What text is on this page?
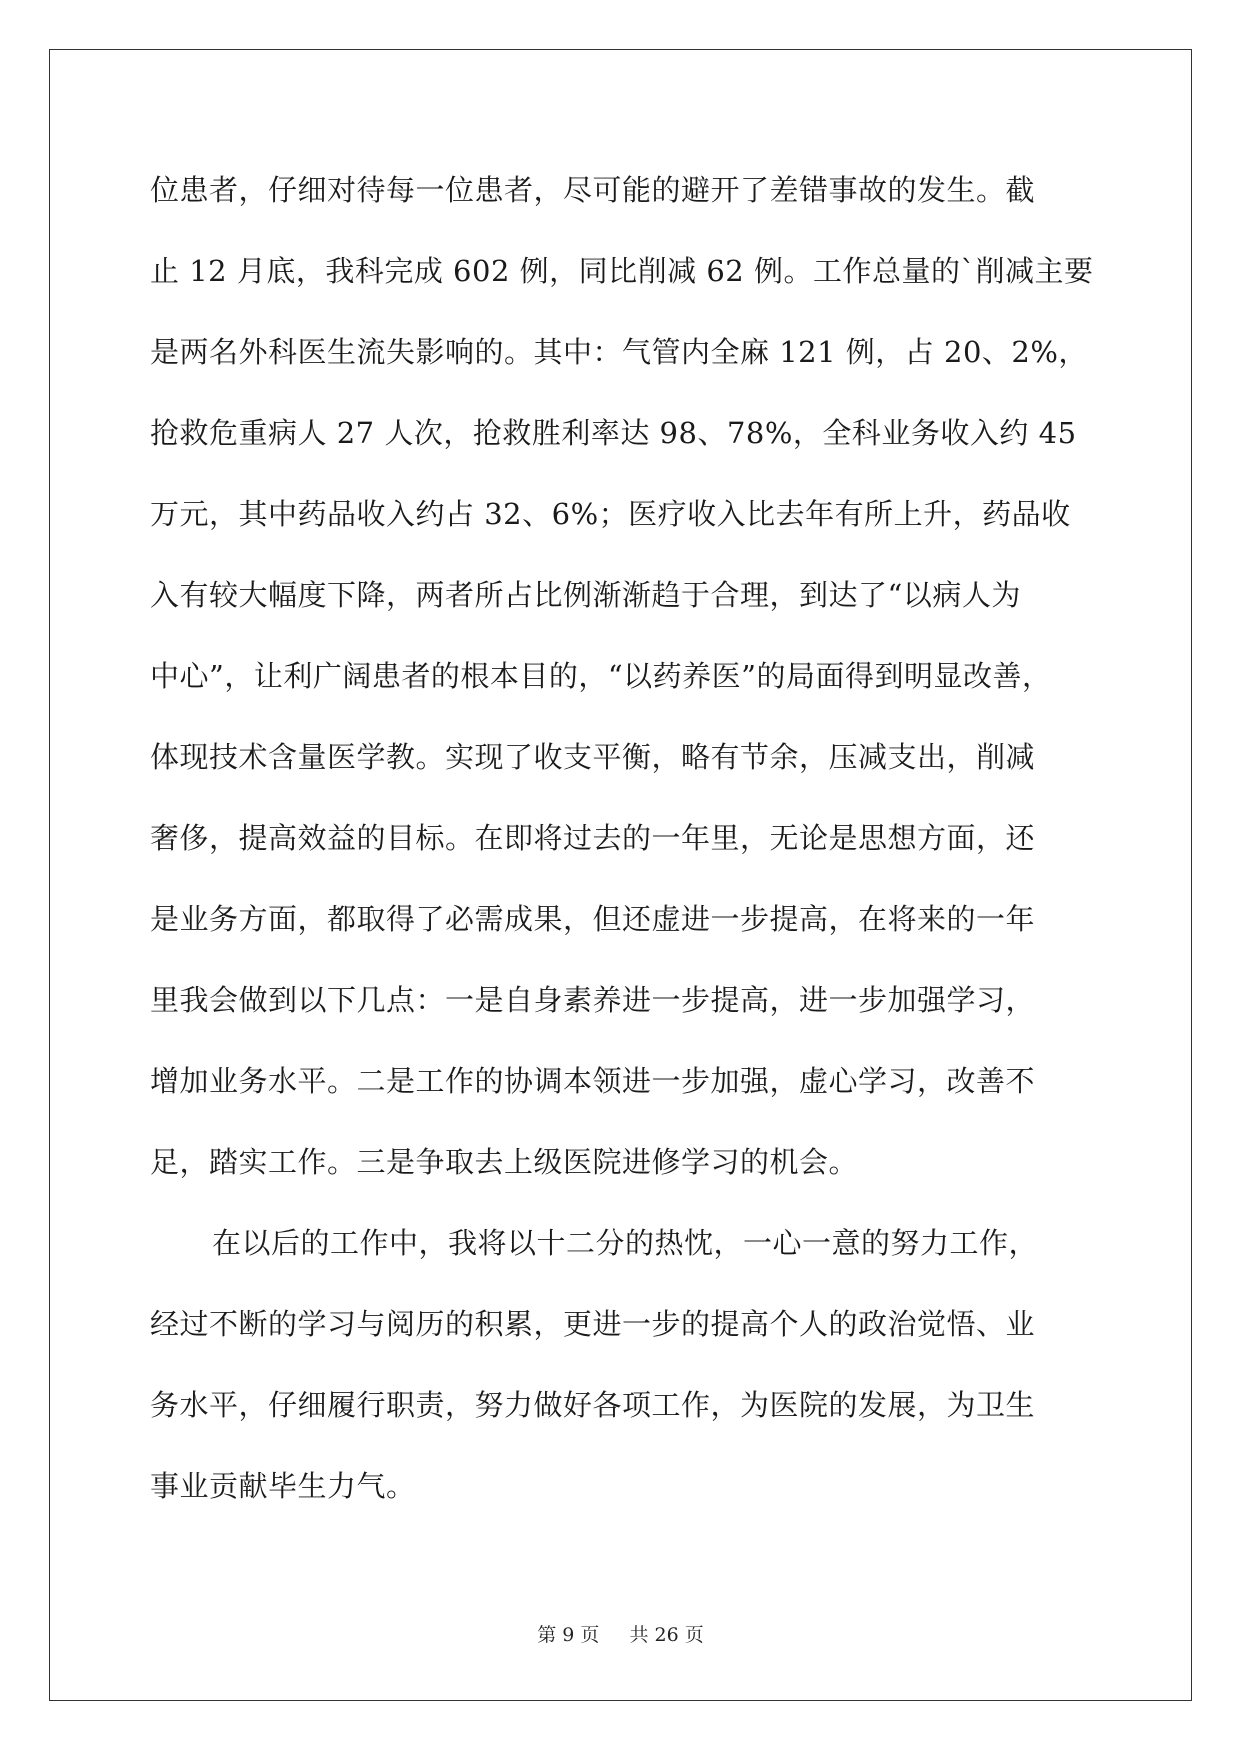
位患者，仔细对待每一位患者，尽可能的避开了差错事故的发生。截
止 12 月底，我科完成 602 例，同比削减 62 例。工作总量的`削减主要
是两名外科医生流失影响的。其中：气管内全麻 121 例，占 20、2%，
抢救危重病人 27 人次，抢救胜利率达 98、78%，全科业务收入约 45
万元，其中药品收入约占 32、6%；医疗收入比去年有所上升，药品收
入有较大幅度下降，两者所占比例渐渐趋于合理，到达了“以病人为
中心”，让利广阔患者的根本目的，“以药养医”的局面得到明显改善，
体现技术含量医学教。实现了收支平衡，略有节余，压减支出，削减
奢侈，提高效益的目标。在即将过去的一年里，无论是思想方面，还
是业务方面，都取得了必需成果，但还虚进一步提高，在将来的一年
里我会做到以下几点：一是自身素养进一步提高，进一步加强学习，
增加业务水平。二是工作的协调本领进一步加强，虚心学习，改善不
足，踏实工作。三是争取去上级医院进修学习的机会。
在以后的工作中，我将以十二分的热忱，一心一意的努力工作，
经过不断的学习与阅历的积累，更进一步的提高个人的政治觉悟、业
务水平，仔细履行职责，努力做好各项工作，为医院的发展，为卫生
事业贡献毕生力气。
第 9 页 共 26 页
